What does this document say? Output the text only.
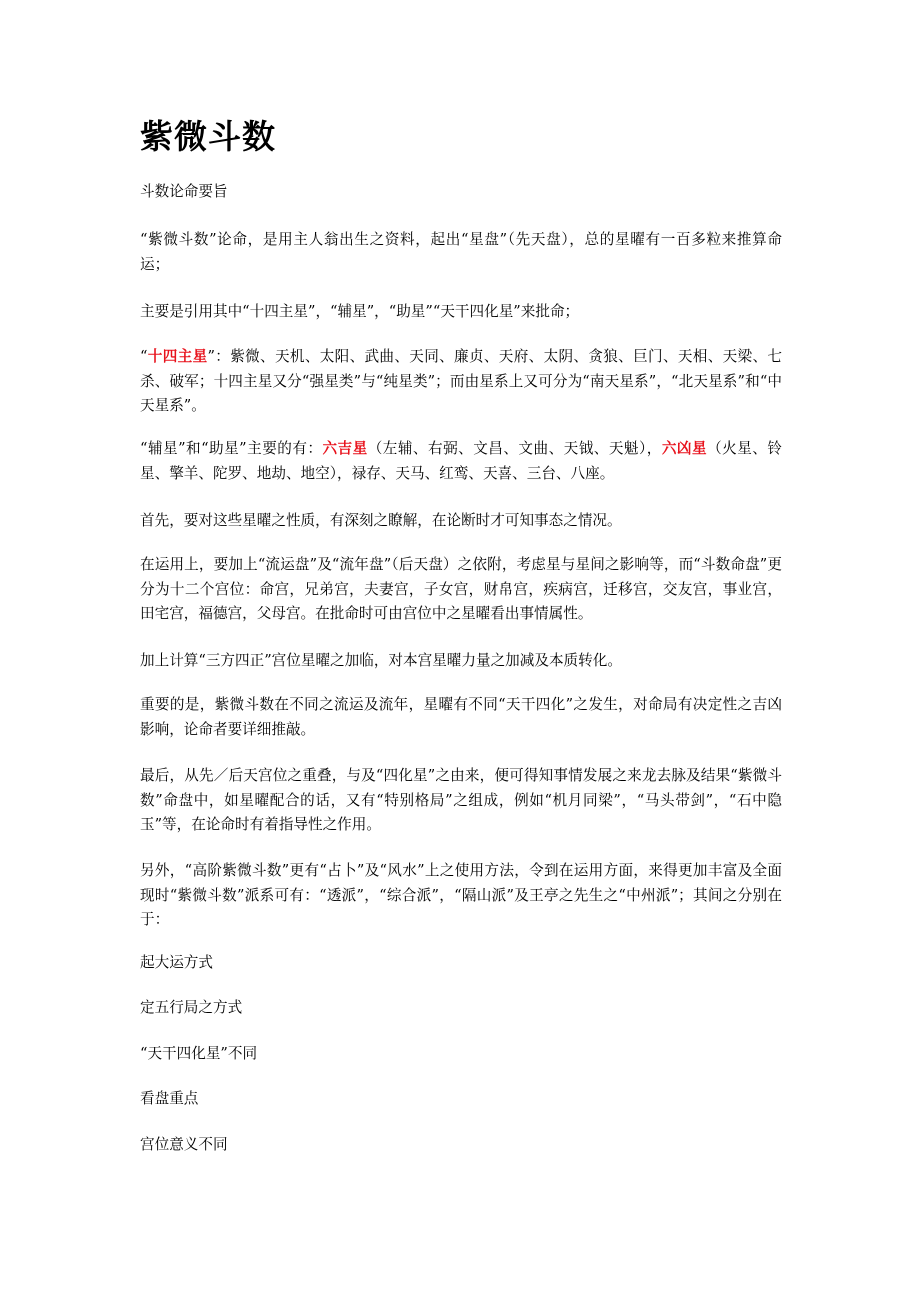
紫微斗数

斗数论命要旨

“紫微斗数”论命，是用主人翁出生之资料，起出“星盘”（先天盘），总的星曜有一百多粒来推算命运；

主要是引用其中“十四主星”，“辅星”，“助星”“天干四化星”来批命；

“十四主星”：紫微、天机、太阳、武曲、天同、廉贞、天府、太阴、贪狼、巨门、天相、天梁、七杀、破军；十四主星又分“强星类”与“纯星类”；而由星系上又可分为“南天星系”，“北天星系”和“中天星系”。

“辅星”和“助星”主要的有：六吉星（左辅、右弼、文昌、文曲、天钺、天魁），六凶星（火星、铃星、擎羊、陀罗、地劫、地空），禄存、天马、红鸾、天喜、三台、八座。

首先，要对这些星曜之性质，有深刻之瞭解，在论断时才可知事态之情况。

在运用上，要加上“流运盘”及“流年盘”（后天盘）之依附，考虑星与星间之影响等，而“斗数命盘”更分为十二个宫位：命宫，兄弟宫，夫妻宫，子女宫，财帛宫，疾病宫，迁移宫，交友宫，事业宫，田宅宫，福德宫，父母宫。在批命时可由宫位中之星曜看出事情属性。

加上计算“三方四正”宫位星曜之加临，对本宫星曜力量之加减及本质转化。

重要的是，紫微斗数在不同之流运及流年，星曜有不同“天干四化”之发生，对命局有决定性之吉凶影响，论命者要详细推敲。

最后，从先／后天宫位之重叠，与及“四化星”之由来，便可得知事情发展之来龙去脉及结果“紫微斗数”命盘中，如星曜配合的话，又有“特别格局”之组成，例如“机月同梁”，“马头带剑”，“石中隐玉”等，在论命时有着指导性之作用。

另外，“高阶紫微斗数”更有“占卜”及“风水”上之使用方法，令到在运用方面，来得更加丰富及全面现时“紫微斗数”派系可有：“透派”，“综合派”，“隔山派”及王亭之先生之“中州派”；其间之分别在于：

起大运方式

定五行局之方式

“天干四化星”不同

看盘重点

宫位意义不同
